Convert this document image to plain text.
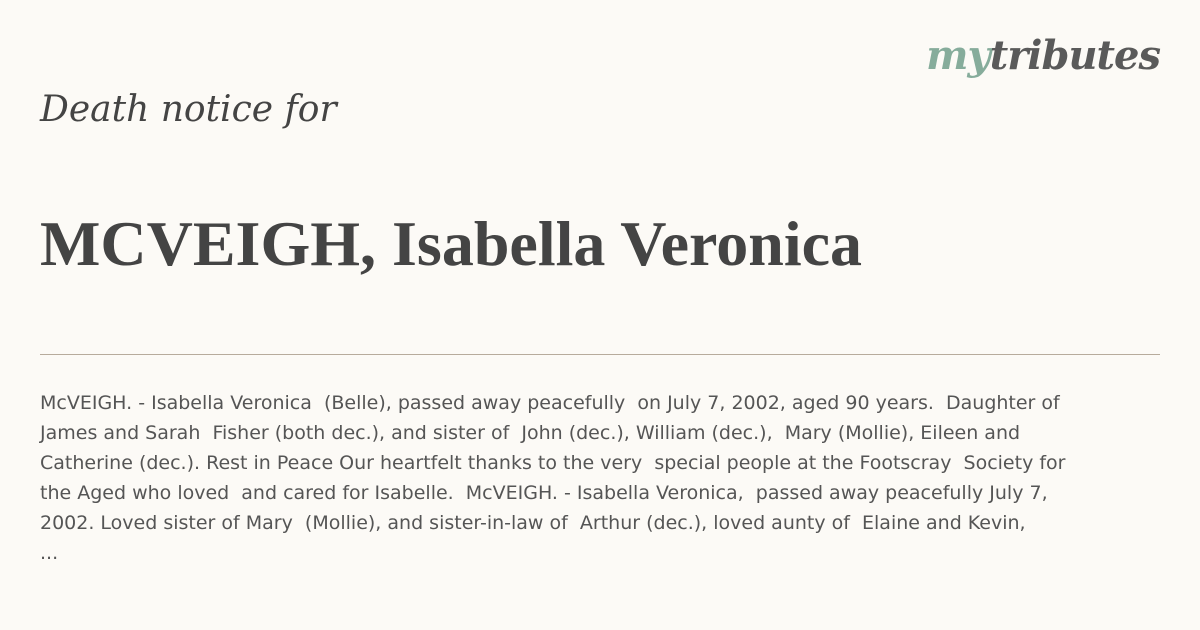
mytributes
Death notice for
MCVEIGH, Isabella Veronica
McVEIGH. - Isabella Veronica  (Belle), passed away peacefully  on July 7, 2002, aged 90 years.  Daughter of
James and Sarah  Fisher (both dec.), and sister of  John (dec.), William (dec.),  Mary (Mollie), Eileen and
Catherine (dec.). Rest in Peace Our heartfelt thanks to the very  special people at the Footscray  Society for
the Aged who loved  and cared for Isabelle.  McVEIGH. - Isabella Veronica,  passed away peacefully July 7,
2002. Loved sister of Mary  (Mollie), and sister-in-law of  Arthur (dec.), loved aunty of  Elaine and Kevin,
...
